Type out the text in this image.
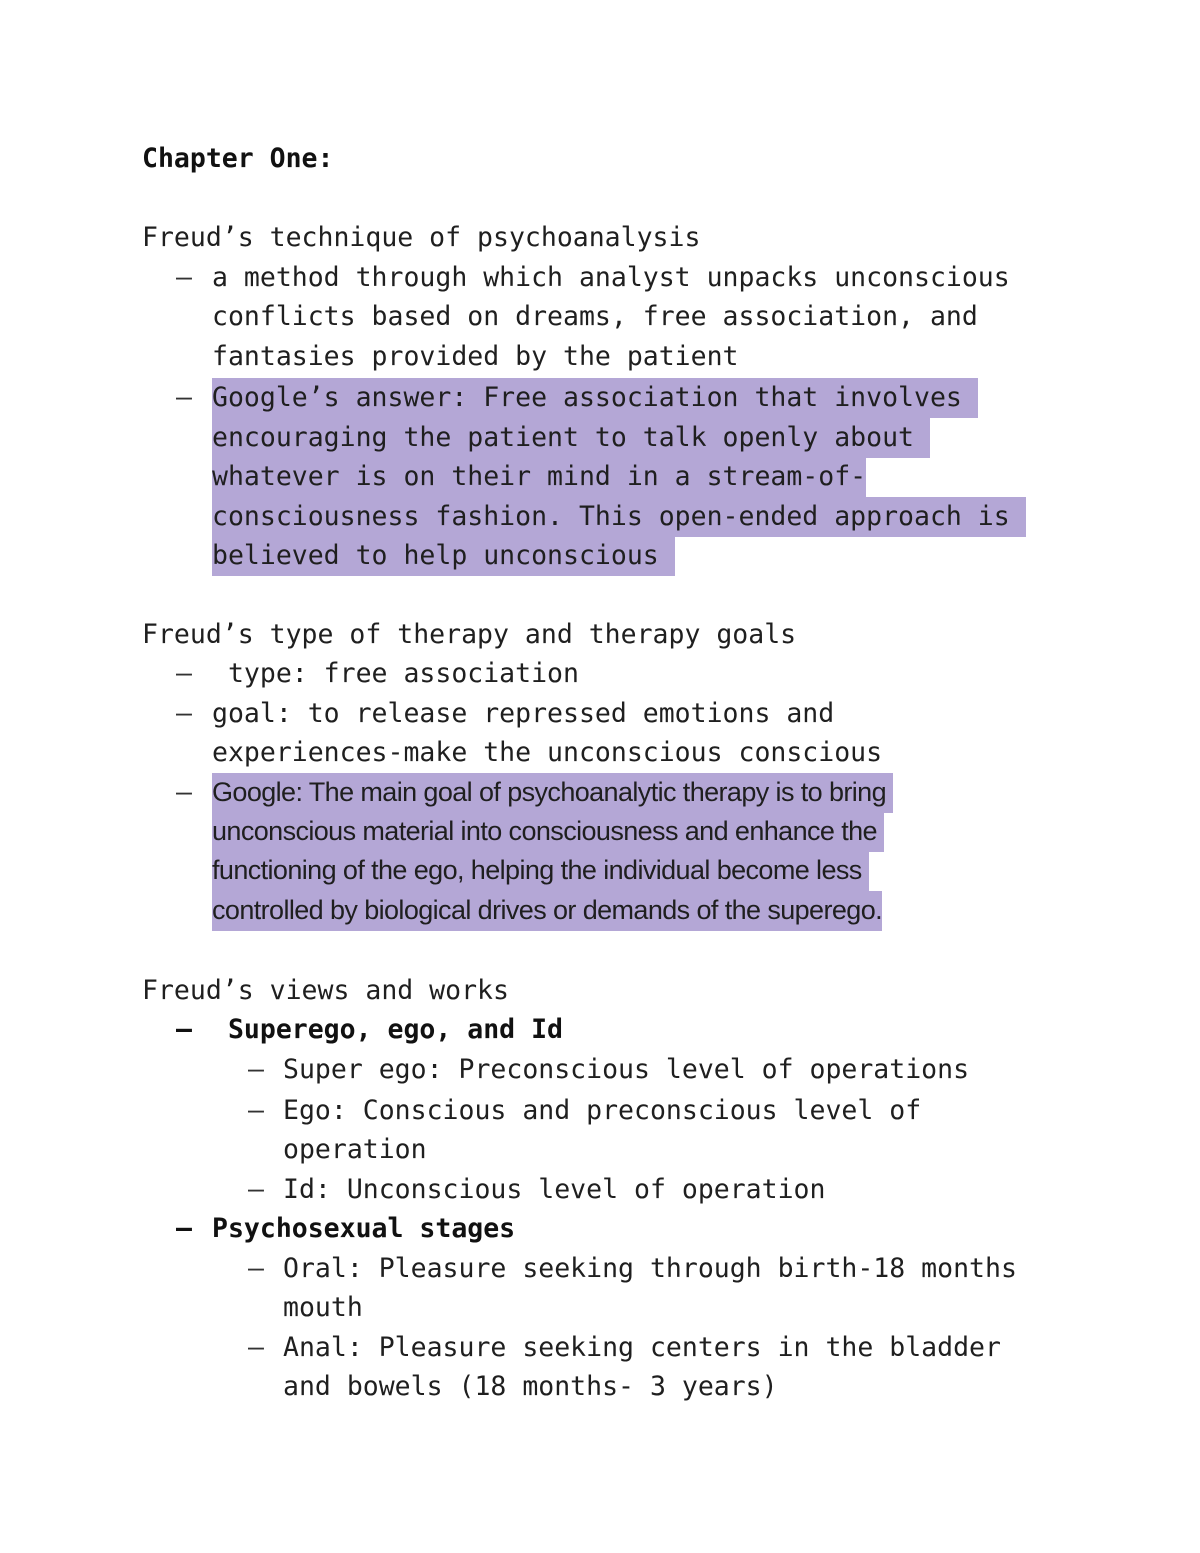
Chapter One:
Freud’s technique of psychoanalysis
– a method through which analyst unpacks unconscious
conflicts based on dreams, free association, and
fantasies provided by the patient
– Google’s answer: Free association that involves
encouraging the patient to talk openly about
whatever is on their mind in a stream-of-
consciousness fashion. This open-ended approach is
believed to help unconscious
Freud’s type of therapy and therapy goals
– type: free association
– goal: to release repressed emotions and
experiences-make the unconscious conscious
– Google: The main goal of psychoanalytic therapy is to bring
unconscious material into consciousness and enhance the
functioning of the ego, helping the individual become less
controlled by biological drives or demands of the superego.
Freud’s views and works
– Superego, ego, and Id
– Super ego: Preconscious level of operations
– Ego: Conscious and preconscious level of
operation
– Id: Unconscious level of operation
– Psychosexual stages
– Oral: Pleasure seeking through birth-18 months
mouth
– Anal: Pleasure seeking centers in the bladder
and bowels (18 months- 3 years)
